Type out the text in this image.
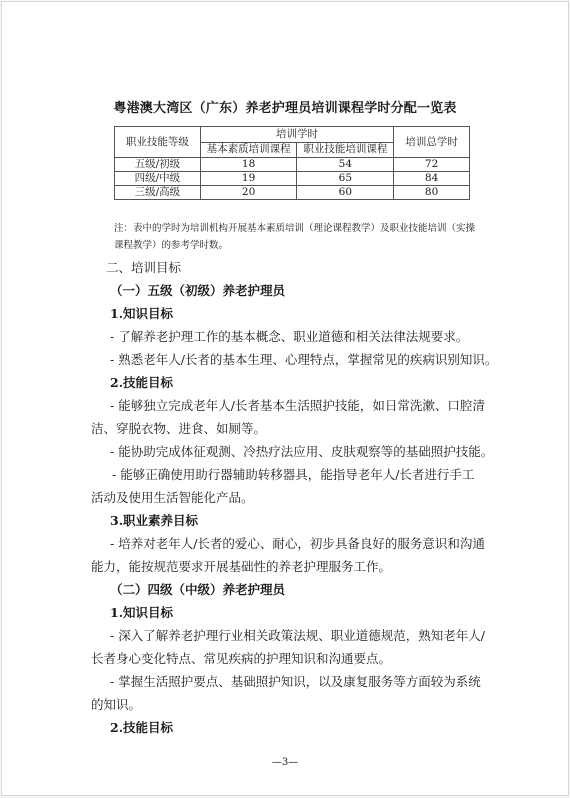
粤港澳大湾区（广东）养老护理员培训课程学时分配一览表
职业技能等级	培训学时		培训总学时
	基本素质培训课程	职业技能培训课程	
五级/初级	18	54	72
四级/中级	19	65	84
三级/高级	20	60	80
注：表中的学时为培训机构开展基本素质培训（理论课程教学）及职业技能培训（实操
课程教学）的参考学时数。
二、培训目标
（一）五级（初级）养老护理员
1.知识目标
- 了解养老护理工作的基本概念、职业道德和相关法律法规要求。
- 熟悉老年人/长者的基本生理、心理特点，掌握常见的疾病识别知识。
2.技能目标
- 能够独立完成老年人/长者基本生活照护技能，如日常洗漱、口腔清
洁、穿脱衣物、进食、如厕等。
- 能协助完成体征观测、冷热疗法应用、皮肤观察等的基础照护技能。
- 能够正确使用助行器辅助转移器具，能指导老年人/长者进行手工
活动及使用生活智能化产品。
3.职业素养目标
- 培养对老年人/长者的爱心、耐心，初步具备良好的服务意识和沟通
能力，能按规范要求开展基础性的养老护理服务工作。
（二）四级（中级）养老护理员
1.知识目标
- 深入了解养老护理行业相关政策法规、职业道德规范，熟知老年人/
长者身心变化特点、常见疾病的护理知识和沟通要点。
- 掌握生活照护要点、基础照护知识，以及康复服务等方面较为系统
的知识。
2.技能目标
—3—
